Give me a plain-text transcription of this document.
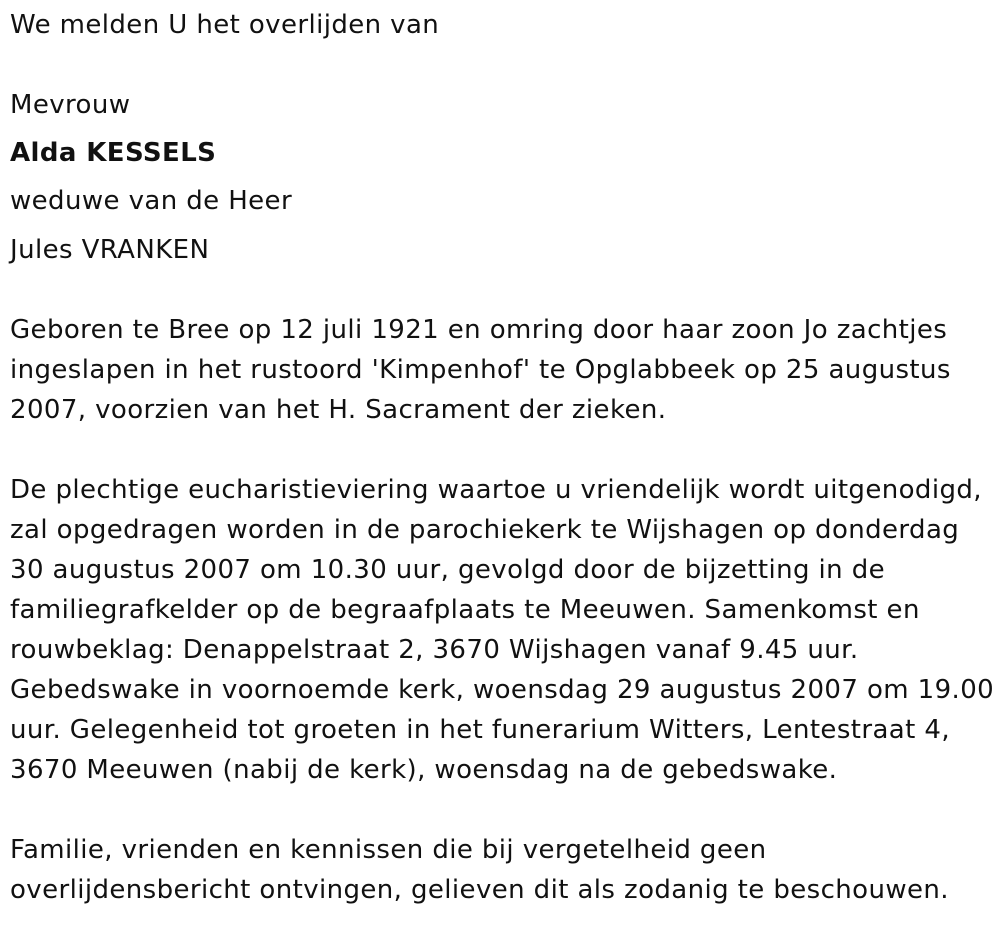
We melden U het overlijden van
Mevrouw
Alda KESSELS
weduwe van de Heer
Jules VRANKEN
Geboren te Bree op 12 juli 1921 en omring door haar zoon Jo zachtjes
ingeslapen in het rustoord 'Kimpenhof' te Opglabbeek op 25 augustus
2007, voorzien van het H. Sacrament der zieken.
De plechtige eucharistieviering waartoe u vriendelijk wordt uitgenodigd,
zal opgedragen worden in de parochiekerk te Wijshagen op donderdag
30 augustus 2007 om 10.30 uur, gevolgd door de bijzetting in de
familiegrafkelder op de begraafplaats te Meeuwen. Samenkomst en
rouwbeklag: Denappelstraat 2, 3670 Wijshagen vanaf 9.45 uur.
Gebedswake in voornoemde kerk, woensdag 29 augustus 2007 om 19.00
uur. Gelegenheid tot groeten in het funerarium Witters, Lentestraat 4,
3670 Meeuwen (nabij de kerk), woensdag na de gebedswake.
Familie, vrienden en kennissen die bij vergetelheid geen
overlijdensbericht ontvingen, gelieven dit als zodanig te beschouwen.
